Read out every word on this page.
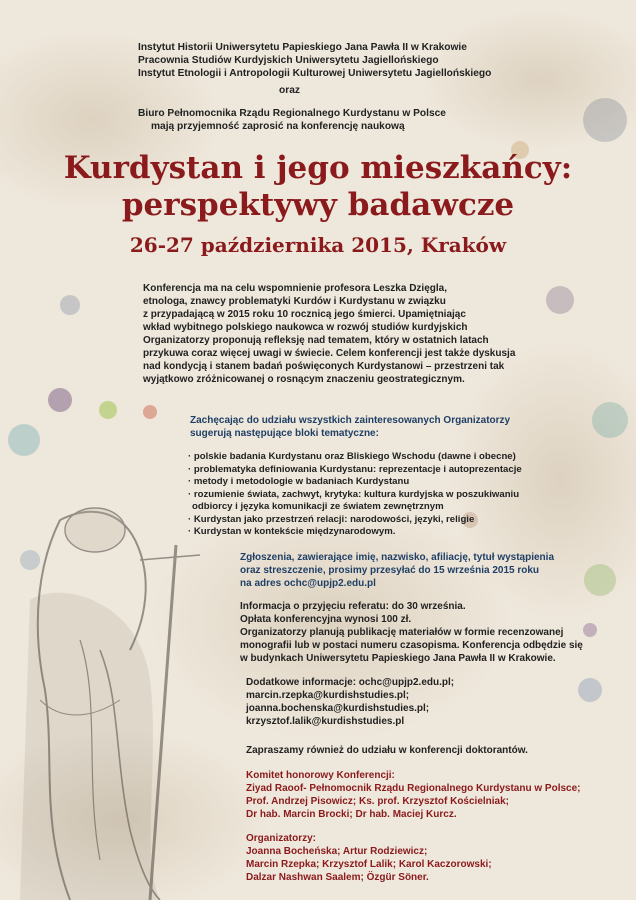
Instytut Historii Uniwersytetu Papieskiego Jana Pawła II w Krakowie
Pracownia Studiów Kurdyjskich Uniwersytetu Jagiellońskiego
Instytut Etnologii i Antropologii Kulturowej Uniwersytetu Jagiellońskiego
oraz
Biuro Pełnomocnika Rządu Regionalnego Kurdystanu w Polsce
mają przyjemność zaprosić na konferencję naukową
Kurdystan i jego mieszkańcy:
perspektywy badawcze
26-27 października 2015, Kraków
Konferencja ma na celu wspomnienie profesora Leszka Dzięgla,
etnologa, znawcy problematyki Kurdów i Kurdystanu w związku
z przypadającą w 2015 roku 10 rocznicą jego śmierci. Upamiętniając
wkład wybitnego polskiego naukowca w rozwój studiów kurdyjskich
Organizatorzy proponują refleksję nad tematem, który w ostatnich latach
przykuwa coraz więcej uwagi w świecie. Celem konferencji jest także dyskusja
nad kondycją i stanem badań poświęconych Kurdystanowi – przestrzeni tak
wyjątkowo zróżnicowanej o rosnącym znaczeniu geostrategicznym.
Zachęcając do udziału wszystkich zainteresowanych Organizatorzy
sugerują następujące bloki tematyczne:
· polskie badania Kurdystanu oraz Bliskiego Wschodu (dawne i obecne)
· problematyka definiowania Kurdystanu: reprezentacje i autoprezentacje
· metody i metodologie w badaniach Kurdystanu
· rozumienie świata, zachwyt, krytyka: kultura kurdyjska w poszukiwaniu
odbiorcy i języka komunikacji ze światem zewnętrznym
· Kurdystan jako przestrzeń relacji: narodowości, języki, religie
· Kurdystan w kontekście międzynarodowym.
Zgłoszenia, zawierające imię, nazwisko, afiliację, tytuł wystąpienia
oraz streszczenie, prosimy przesyłać do 15 września 2015 roku
na adres ochc@upjp2.edu.pl
Informacja o przyjęciu referatu: do 30 września.
Opłata konferencyjna wynosi 100 zł.
Organizatorzy planują publikację materiałów w formie recenzowanej
monografii lub w postaci numeru czasopisma. Konferencja odbędzie się
w budynkach Uniwersytetu Papieskiego Jana Pawła II w Krakowie.
Dodatkowe informacje: ochc@upjp2.edu.pl;
marcin.rzepka@kurdishstudies.pl;
joanna.bochenska@kurdishstudies.pl;
krzysztof.lalik@kurdishstudies.pl
Zapraszamy również do udziału w konferencji doktorantów.
Komitet honorowy Konferencji:
Ziyad Raoof- Pełnomocnik Rządu Regionalnego Kurdystanu w Polsce;
Prof. Andrzej Pisowicz; Ks. prof. Krzysztof Kościelniak;
Dr hab. Marcin Brocki; Dr hab. Maciej Kurcz.
Organizatorzy:
Joanna Bocheńska; Artur Rodziewicz;
Marcin Rzepka; Krzysztof Lalik; Karol Kaczorowski;
Dalzar Nashwan Saalem; Özgür Söner.
